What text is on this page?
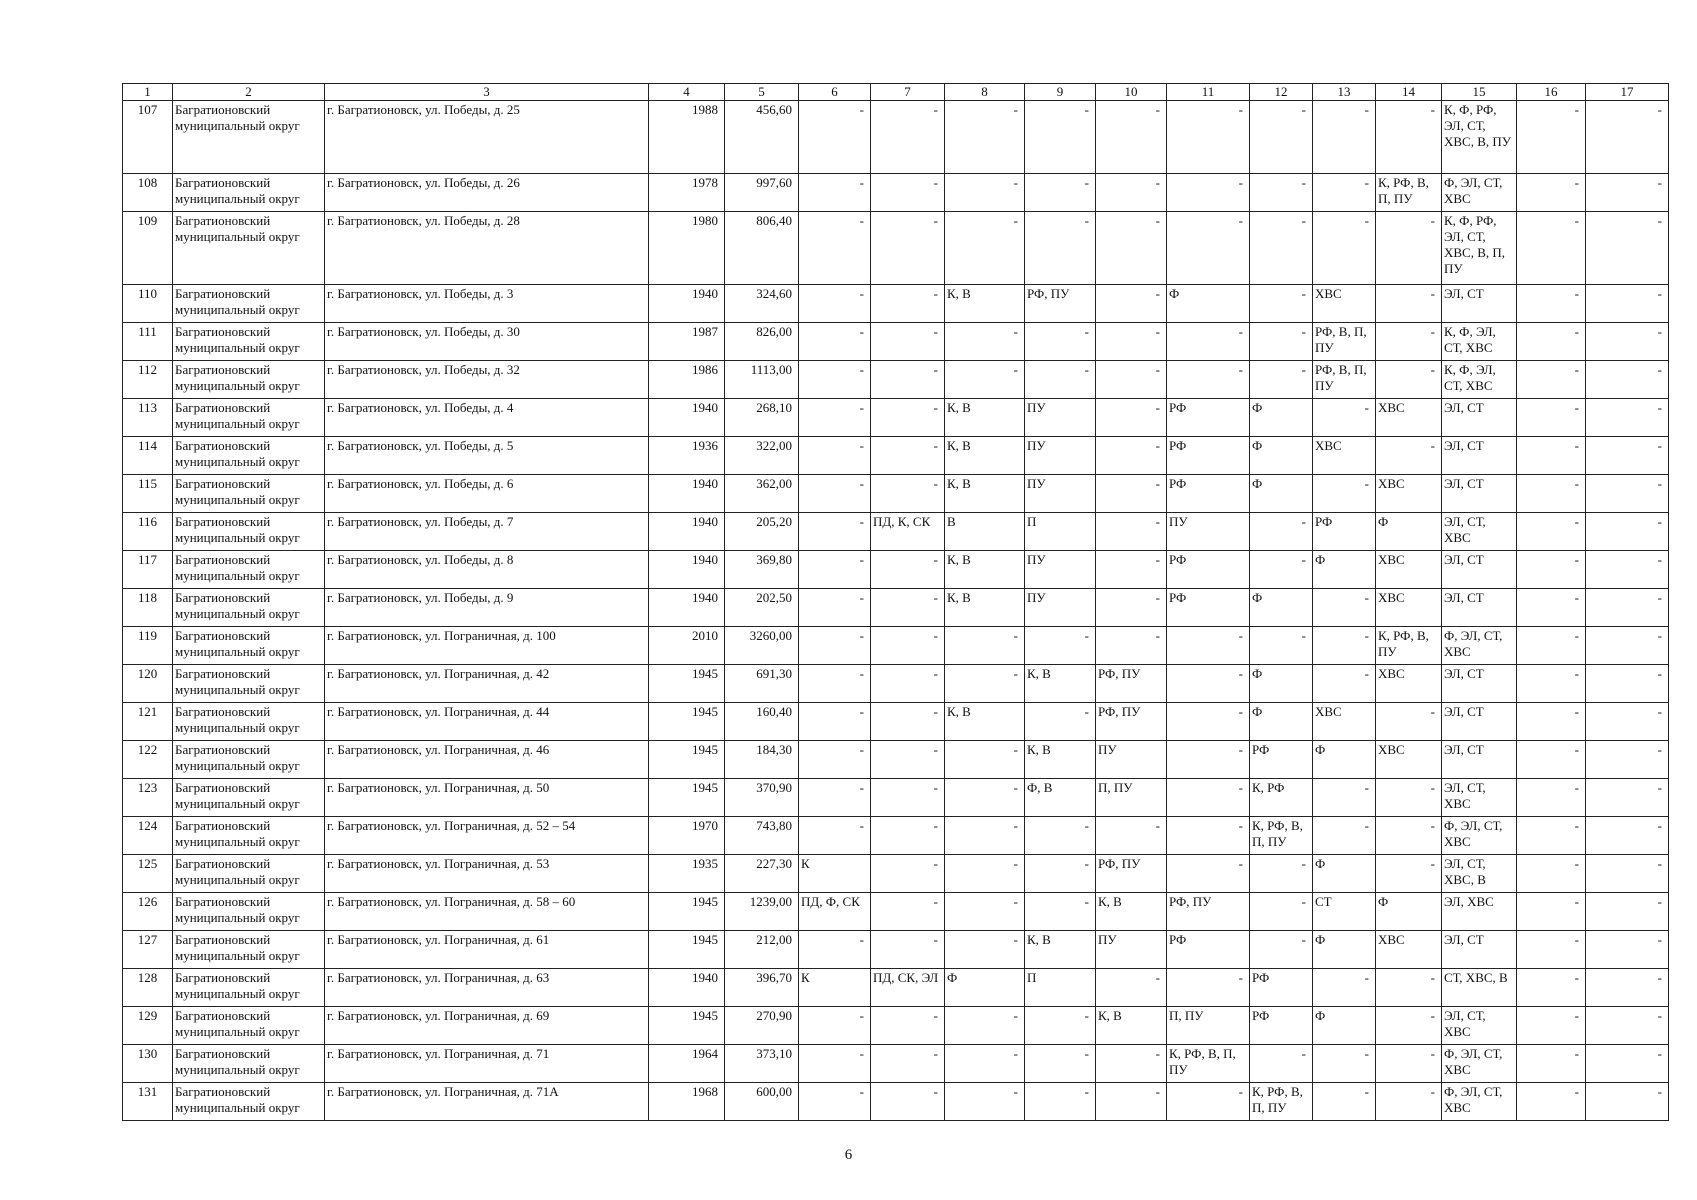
1	2	3	4	5	6	7	8	9	10	11	12	13	14	15	16	17
107	Багратионовский муниципальный округ	г. Багратионовск, ул. Победы, д. 25	1988	456,60	-	-	-	-	-	-	-	-	-	К, Ф, РФ, ЭЛ, СТ, ХВС, В, ПУ	-	-
108	Багратионовский муниципальный округ	г. Багратионовск, ул. Победы, д. 26	1978	997,60	-	-	-	-	-	-	-	-	К, РФ, В, П, ПУ	Ф, ЭЛ, СТ, ХВС	-	-
109	Багратионовский муниципальный округ	г. Багратионовск, ул. Победы, д. 28	1980	806,40	-	-	-	-	-	-	-	-	-	К, Ф, РФ, ЭЛ, СТ, ХВС, В, П, ПУ	-	-
110	Багратионовский муниципальный округ	г. Багратионовск, ул. Победы, д. 3	1940	324,60	-	-	К, В	РФ, ПУ	-	Ф	-	ХВС	-	ЭЛ, СТ	-	-
111	Багратионовский муниципальный округ	г. Багратионовск, ул. Победы, д. 30	1987	826,00	-	-	-	-	-	-	-	РФ, В, П, ПУ	-	К, Ф, ЭЛ, СТ, ХВС	-	-
112	Багратионовский муниципальный округ	г. Багратионовск, ул. Победы, д. 32	1986	1113,00	-	-	-	-	-	-	-	РФ, В, П, ПУ	-	К, Ф, ЭЛ, СТ, ХВС	-	-
113	Багратионовский муниципальный округ	г. Багратионовск, ул. Победы, д. 4	1940	268,10	-	-	К, В	ПУ	-	РФ	Ф	-	ХВС	ЭЛ, СТ	-	-
114	Багратионовский муниципальный округ	г. Багратионовск, ул. Победы, д. 5	1936	322,00	-	-	К, В	ПУ	-	РФ	Ф	ХВС	-	ЭЛ, СТ	-	-
115	Багратионовский муниципальный округ	г. Багратионовск, ул. Победы, д. 6	1940	362,00	-	-	К, В	ПУ	-	РФ	Ф	-	ХВС	ЭЛ, СТ	-	-
116	Багратионовский муниципальный округ	г. Багратионовск, ул. Победы, д. 7	1940	205,20	-	ПД, К, СК	В	П	-	ПУ	-	РФ	Ф	ЭЛ, СТ, ХВС	-	-
117	Багратионовский муниципальный округ	г. Багратионовск, ул. Победы, д. 8	1940	369,80	-	-	К, В	ПУ	-	РФ	-	Ф	ХВС	ЭЛ, СТ	-	-
118	Багратионовский муниципальный округ	г. Багратионовск, ул. Победы, д. 9	1940	202,50	-	-	К, В	ПУ	-	РФ	Ф	-	ХВС	ЭЛ, СТ	-	-
119	Багратионовский муниципальный округ	г. Багратионовск, ул. Пограничная, д. 100	2010	3260,00	-	-	-	-	-	-	-	-	К, РФ, В, ПУ	Ф, ЭЛ, СТ, ХВС	-	-
120	Багратионовский муниципальный округ	г. Багратионовск, ул. Пограничная, д. 42	1945	691,30	-	-	-	К, В	РФ, ПУ	-	Ф	-	ХВС	ЭЛ, СТ	-	-
121	Багратионовский муниципальный округ	г. Багратионовск, ул. Пограничная, д. 44	1945	160,40	-	-	К, В	-	РФ, ПУ	-	Ф	ХВС	-	ЭЛ, СТ	-	-
122	Багратионовский муниципальный округ	г. Багратионовск, ул. Пограничная, д. 46	1945	184,30	-	-	-	К, В	ПУ	-	РФ	Ф	ХВС	ЭЛ, СТ	-	-
123	Багратионовский муниципальный округ	г. Багратионовск, ул. Пограничная, д. 50	1945	370,90	-	-	-	Ф, В	П, ПУ	-	К, РФ	-	-	ЭЛ, СТ, ХВС	-	-
124	Багратионовский муниципальный округ	г. Багратионовск, ул. Пограничная, д. 52 – 54	1970	743,80	-	-	-	-	-	-	К, РФ, В, П, ПУ	-	-	Ф, ЭЛ, СТ, ХВС	-	-
125	Багратионовский муниципальный округ	г. Багратионовск, ул. Пограничная, д. 53	1935	227,30	К	-	-	-	РФ, ПУ	-	-	Ф	-	ЭЛ, СТ, ХВС, В	-	-
126	Багратионовский муниципальный округ	г. Багратионовск, ул. Пограничная, д. 58 – 60	1945	1239,00	ПД, Ф, СК	-	-	-	К, В	РФ, ПУ	-	СТ	Ф	ЭЛ, ХВС	-	-
127	Багратионовский муниципальный округ	г. Багратионовск, ул. Пограничная, д. 61	1945	212,00	-	-	-	К, В	ПУ	РФ	-	Ф	ХВС	ЭЛ, СТ	-	-
128	Багратионовский муниципальный округ	г. Багратионовск, ул. Пограничная, д. 63	1940	396,70	К	ПД, СК, ЭЛ	Ф	П	-	-	РФ	-	-	СТ, ХВС, В	-	-
129	Багратионовский муниципальный округ	г. Багратионовск, ул. Пограничная, д. 69	1945	270,90	-	-	-	-	К, В	П, ПУ	РФ	Ф	-	ЭЛ, СТ, ХВС	-	-
130	Багратионовский муниципальный округ	г. Багратионовск, ул. Пограничная, д. 71	1964	373,10	-	-	-	-	-	К, РФ, В, П, ПУ	-	-	-	Ф, ЭЛ, СТ, ХВС	-	-
131	Багратионовский муниципальный округ	г. Багратионовск, ул. Пограничная, д. 71А	1968	600,00	-	-	-	-	-	-	К, РФ, В, П, ПУ	-	-	Ф, ЭЛ, СТ, ХВС	-	-
6
